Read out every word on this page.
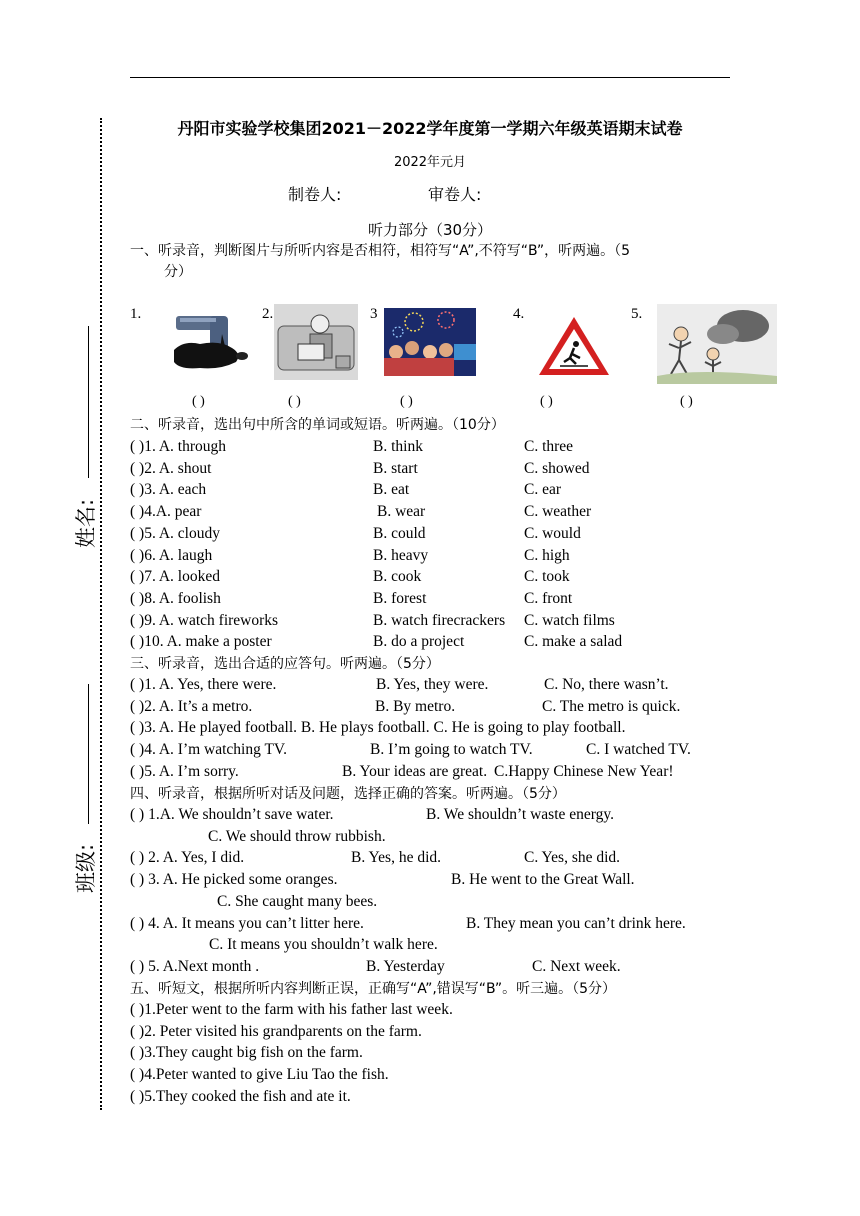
姓名:
班级:
丹阳市实验学校集团2021－2022学年度第一学期六年级英语期末试卷
2022年元月
制卷人:	审卷人:
听力部分（30分）
一、听录音，判断图片与所听内容是否相符，相符写“A”,不符写“B”，听两遍。（5
分）
1.	2.	3	4.	5.
( )	( )	( )	( )	( )
二、听录音，选出句中所含的单词或短语。听两遍。（10分）
( )1. A. through	B. think	C. three
( )2. A. shout	B. start	C. showed
( )3. A. each	B. eat	C. ear
( )4.A. pear	B. wear	C. weather
( )5. A. cloudy	B. could	C. would
( )6. A. laugh	B. heavy	C. high
( )7. A. looked	B. cook	C. took
( )8. A. foolish	B. forest	C. front
( )9. A. watch fireworks	B. watch firecrackers C. watch films
( )10. A. make a poster	B. do a project	C. make a salad
三、听录音，选出合适的应答句。听两遍。（5分）
( )1. A. Yes, there were.	B. Yes, they were.	C. No, there wasn’t.
( )2. A. It’s a metro.	B. By metro.	C. The metro is quick.
( )3. A. He played football. B. He plays football. C. He is going to play football.
( )4. A. I’m watching TV.	B. I’m going to watch TV.	C. I watched TV.
( )5. A. I’m sorry.	B. Your ideas are great. C.Happy Chinese New Year!
四、听录音，根据所听对话及问题，选择正确的答案。听两遍。（5分）
( ) 1.A. We shouldn’t save water.	B. We shouldn’t waste energy.
C. We should throw rubbish.
( ) 2. A. Yes, I did.	B. Yes, he did.	C. Yes, she did.
( ) 3. A. He picked some oranges.	B. He went to the Great Wall.
C. She caught many bees.
( ) 4. A. It means you can’t litter here.	B. They mean you can’t drink here.
C. It means you shouldn’t walk here.
( ) 5. A.Next month .	B. Yesterday	C. Next week.
五、听短文，根据所听内容判断正误，正确写“A”,错误写“B”。听三遍。（5分）
( )1.Peter went to the farm with his father last week.
( )2. Peter visited his grandparents on the farm.
( )3.They caught big fish on the farm.
( )4.Peter wanted to give Liu Tao the fish.
( )5.They cooked the fish and ate it.
